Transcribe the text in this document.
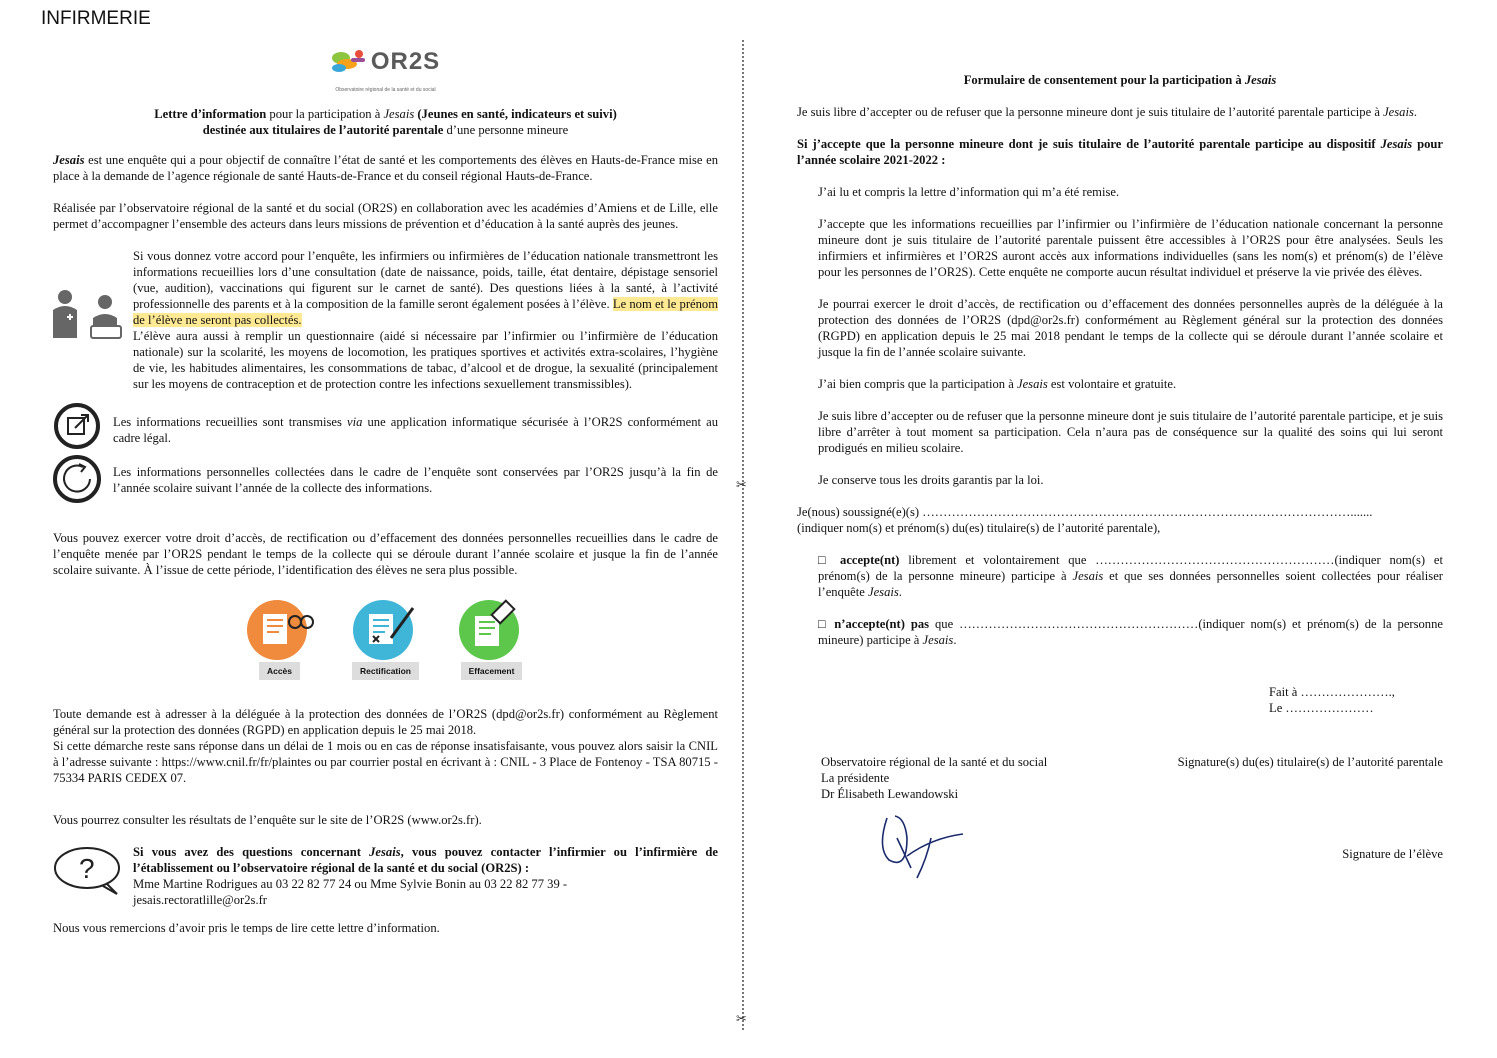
INFIRMERIE
✂
✂
OR2S
Observatoire régional de la santé et du social

Lettre d’information pour la participation à Jesais (Jeunes en santé, indicateurs et suivi)
destinée aux titulaires de l’autorité parentale d’une personne mineure

Jesais est une enquête qui a pour objectif de connaître l’état de santé et les comportements des élèves en Hauts-de-France mise en place à la demande de l’agence régionale de santé Hauts-de-France et du conseil régional Hauts-de-France.

Réalisée par l’observatoire régional de la santé et du social (OR2S) en collaboration avec les académies d’Amiens et de Lille, elle permet d’accompagner l’ensemble des acteurs dans leurs missions de prévention et d’éducation à la santé auprès des jeunes.

Si vous donnez votre accord pour l’enquête, les infirmiers ou infirmières de l’éducation nationale transmettront les informations recueillies lors d’une consultation (date de naissance, poids, taille, état dentaire, dépistage sensoriel (vue, audition), vaccinations qui figurent sur le carnet de santé). Des questions liées à la santé, à l’activité professionnelle des parents et à la composition de la famille seront également posées à l’élève. Le nom et le prénom de l’élève ne seront pas collectés.

L’élève aura aussi à remplir un questionnaire (aidé si nécessaire par l’infirmier ou l’infirmière de l’éducation nationale) sur la scolarité, les moyens de locomotion, les pratiques sportives et activités extra-scolaires, l’hygiène de vie, les habitudes alimentaires, les consommations de tabac, d’alcool et de drogue, la sexualité (principalement sur les moyens de contraception et de protection contre les infections sexuellement transmissibles).

Les informations recueillies sont transmises via une application informatique sécurisée à l’OR2S conformément au cadre légal.

Les informations personnelles collectées dans le cadre de l’enquête sont conservées par l’OR2S jusqu’à la fin de l’année scolaire suivant l’année de la collecte des informations.

Vous pouvez exercer votre droit d’accès, de rectification ou d’effacement des données personnelles recueillies dans le cadre de l’enquête menée par l’OR2S pendant le temps de la collecte qui se déroule durant l’année scolaire et jusque la fin de l’année scolaire suivante. À l’issue de cette période, l’identification des élèves ne sera plus possible.

Accès	Rectification	Effacement

Toute demande est à adresser à la déléguée à la protection des données de l’OR2S (dpd@or2s.fr) conformément au Règlement général sur la protection des données (RGPD) en application depuis le 25 mai 2018.

Si cette démarche reste sans réponse dans un délai de 1 mois ou en cas de réponse insatisfaisante, vous pouvez alors saisir la CNIL à l’adresse suivante : https://www.cnil.fr/fr/plaintes ou par courrier postal en écrivant à : CNIL - 3 Place de Fontenoy - TSA 80715 - 75334 PARIS CEDEX 07.

Vous pourrez consulter les résultats de l’enquête sur le site de l’OR2S (www.or2s.fr).

?

Si vous avez des questions concernant Jesais, vous pouvez contacter l’infirmier ou l’infirmière de l’établissement ou l’observatoire régional de la santé et du social (OR2S) :

Mme Martine Rodrigues au 03 22 82 77 24 ou Mme Sylvie Bonin au 03 22 82 77 39 -

jesais.rectoratlille@or2s.fr

Nous vous remercions d’avoir pris le temps de lire cette lettre d’information.

Formulaire de consentement pour la participation à Jesais

Je suis libre d’accepter ou de refuser que la personne mineure dont je suis titulaire de l’autorité parentale participe à Jesais.

Si j’accepte que la personne mineure dont je suis titulaire de l’autorité parentale participe au dispositif Jesais pour l’année scolaire 2021-2022 :

J’ai lu et compris la lettre d’information qui m’a été remise.

J’accepte que les informations recueillies par l’infirmier ou l’infirmière de l’éducation nationale concernant la personne mineure dont je suis titulaire de l’autorité parentale puissent être accessibles à l’OR2S pour être analysées. Seuls les infirmiers et infirmières et l’OR2S auront accès aux informations individuelles (sans les nom(s) et prénom(s) de l’élève pour les personnes de l’OR2S). Cette enquête ne comporte aucun résultat individuel et préserve la vie privée des élèves.

Je pourrai exercer le droit d’accès, de rectification ou d’effacement des données personnelles auprès de la déléguée à la protection des données de l’OR2S (dpd@or2s.fr) conformément au Règlement général sur la protection des données (RGPD) en application depuis le 25 mai 2018 pendant le temps de la collecte qui se déroule durant l’année scolaire et jusque la fin de l’année scolaire suivante.

J’ai bien compris que la participation à Jesais est volontaire et gratuite.

Je suis libre d’accepter ou de refuser que la personne mineure dont je suis titulaire de l’autorité parentale participe, et je suis libre d’arrêter à tout moment sa participation. Cela n’aura pas de conséquence sur la qualité des soins qui lui seront prodigués en milieu scolaire.

Je conserve tous les droits garantis par la loi.

Je(nous) soussigné(e)(s) ………………………………………………………………………………………….......

(indiquer nom(s) et prénom(s) du(es) titulaire(s) de l’autorité parentale),

□ accepte(nt) librement et volontairement que …………………………………………………(indiquer nom(s) et prénom(s) de la personne mineure) participe à Jesais et que ses données personnelles soient collectées pour réaliser l’enquête Jesais.

□ n’accepte(nt) pas que …………………………………………………(indiquer nom(s) et prénom(s) de la personne mineure) participe à Jesais.

Fait à ………………….,

Le …………………

Observatoire régional de la santé et du social

La présidente

Dr Élisabeth Lewandowski

Signature(s) du(es) titulaire(s) de l’autorité parentale

Signature de l’élève
